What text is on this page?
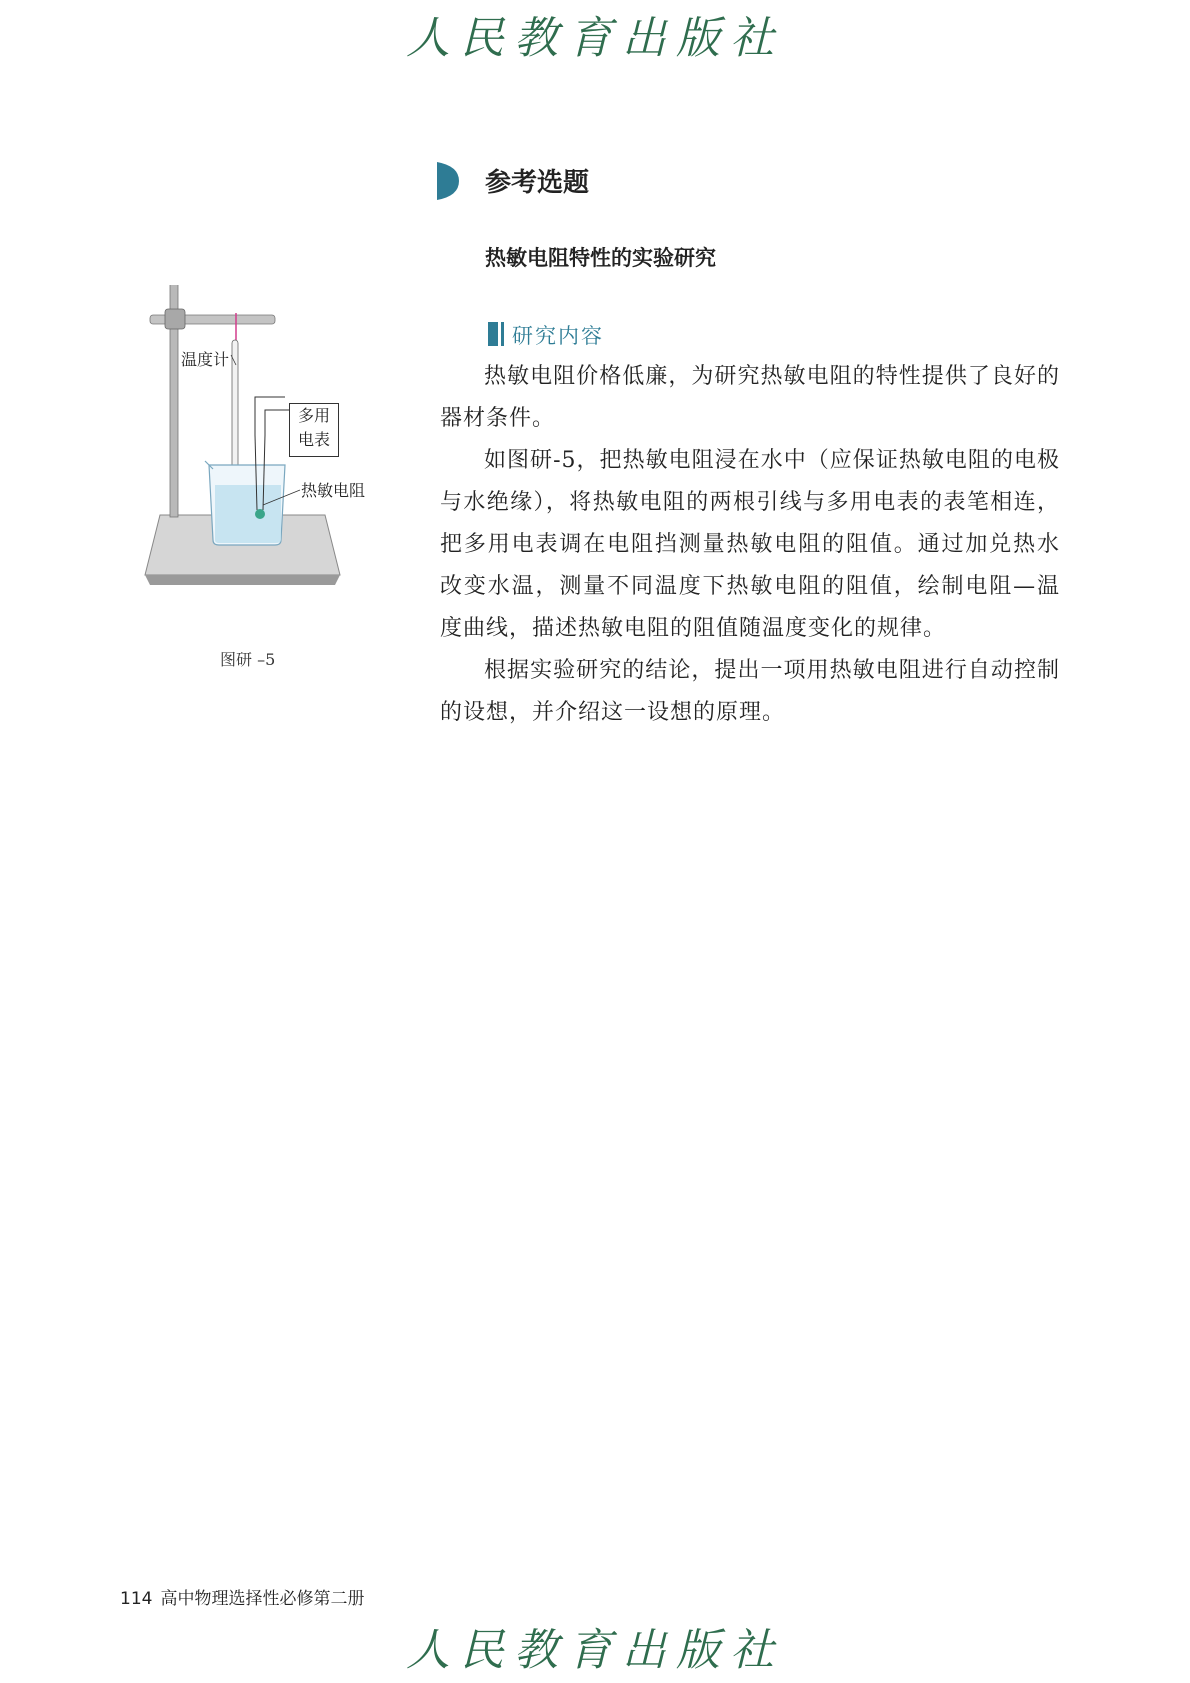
人民教育出版社
参考选题
热敏电阻特性的实验研究
研究内容

热敏电阻价格低廉，为研究热敏电阻的特性提供了良好的器材条件。

如图研-5，把热敏电阻浸在水中（应保证热敏电阻的电极与水绝缘），将热敏电阻的两根引线与多用电表的表笔相连，把多用电表调在电阻挡测量热敏电阻的阻值。通过加兑热水改变水温，测量不同温度下热敏电阻的阻值，绘制电阻—温度曲线，描述热敏电阻的阻值随温度变化的规律。

根据实验研究的结论，提出一项用热敏电阻进行自动控制的设想，并介绍这一设想的原理。

温度计
多用
电表
热敏电阻
图研 –5
114 高中物理选择性必修第二册
人民教育出版社
